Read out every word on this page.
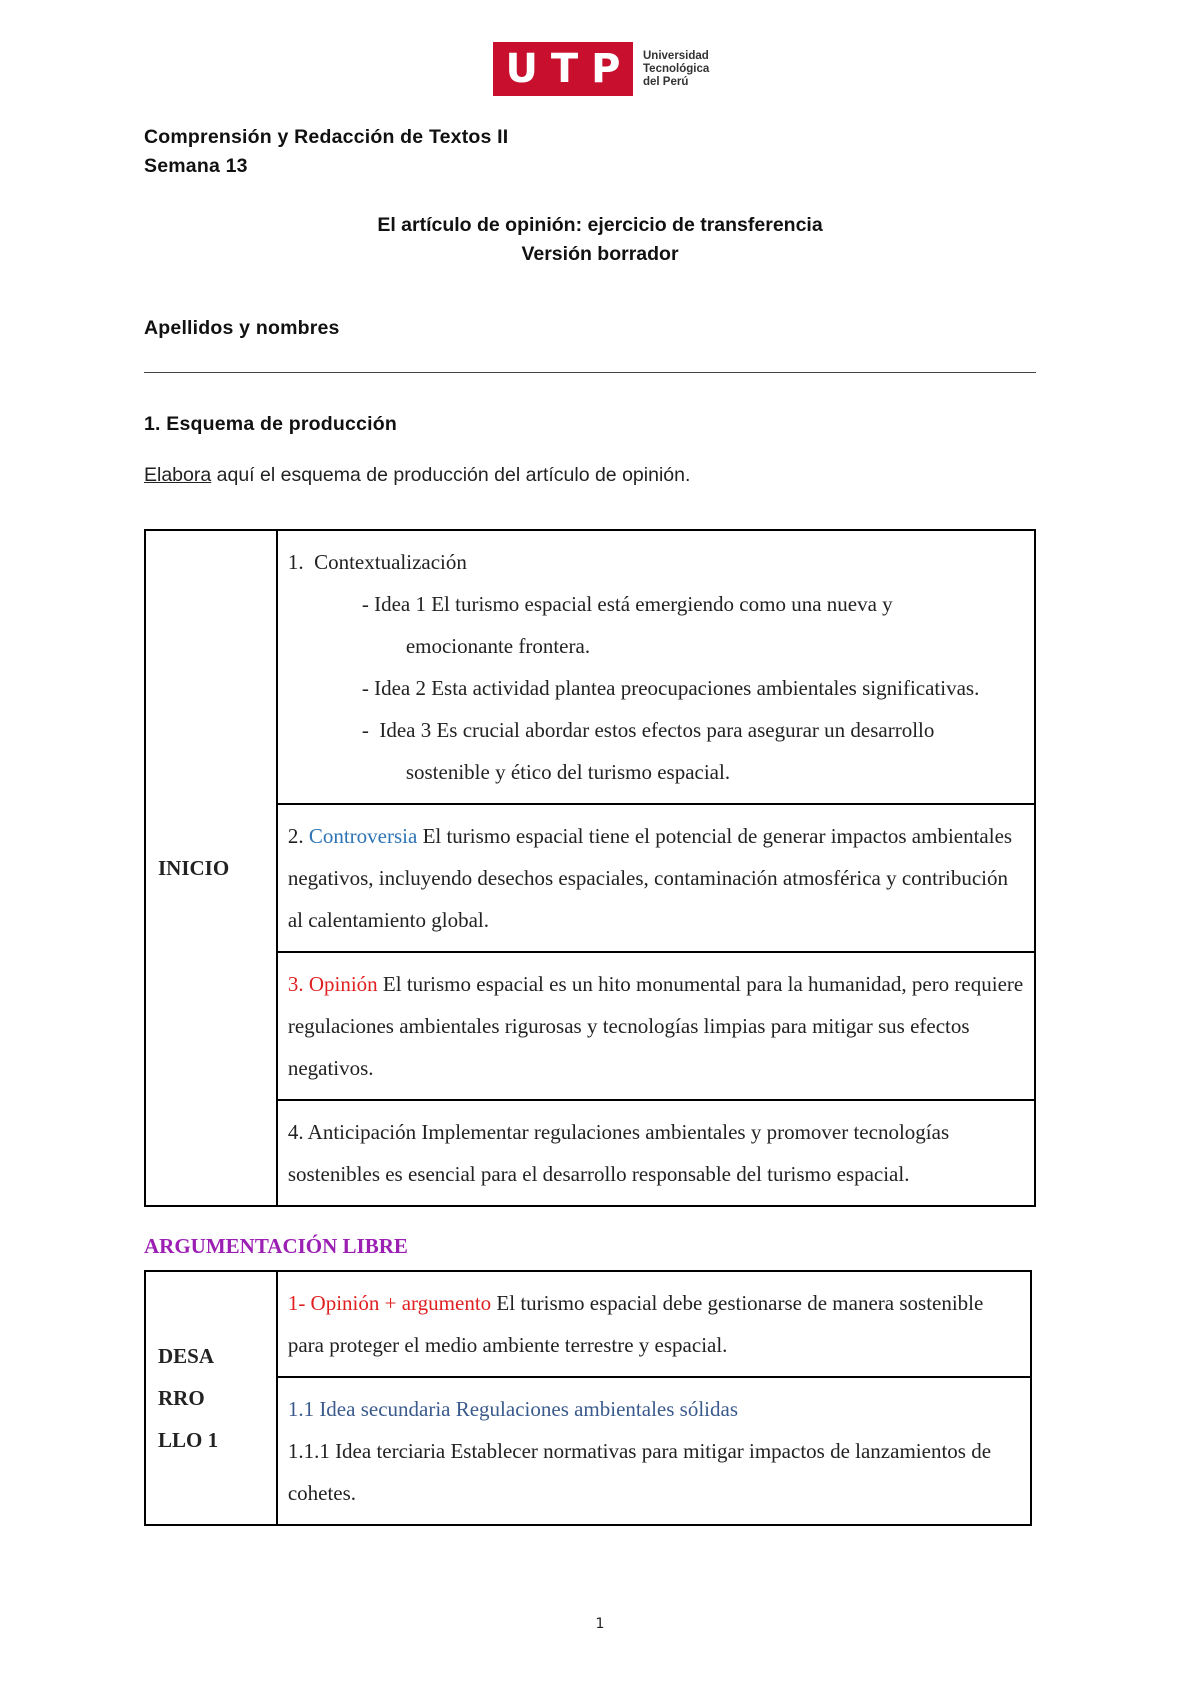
U T P Universidad
Tecnológica
del Perú
Comprensión y Redacción de Textos II
Semana 13
El artículo de opinión: ejercicio de transferencia
Versión borrador
Apellidos y nombres
1. Esquema de producción
Elabora aquí el esquema de producción del artículo de opinión.
INICIO	
1.  Contextualización
- Idea 1 El turismo espacial está emergiendo como una nueva y
emocionante frontera.
- Idea 2 Esta actividad plantea preocupaciones ambientales significativas.
-  Idea 3 Es crucial abordar estos efectos para asegurar un desarrollo
sostenible y ético del turismo espacial.

2. Controversia El turismo espacial tiene el potencial de generar impactos ambientales negativos, incluyendo desechos espaciales, contaminación atmosférica y contribución al calentamiento global.
3. Opinión El turismo espacial es un hito monumental para la humanidad, pero requiere regulaciones ambientales rigurosas y tecnologías limpias para mitigar sus efectos negativos.
4. Anticipación Implementar regulaciones ambientales y promover tecnologías sostenibles es esencial para el desarrollo responsable del turismo espacial.
ARGUMENTACIÓN LIBRE
DESA
RRO
LLO 1
	1- Opinión + argumento El turismo espacial debe gestionarse de manera sostenible para proteger el medio ambiente terrestre y espacial.

1.1 Idea secundaria Regulaciones ambientales sólidas
1.1.1 Idea terciaria Establecer normativas para mitigar impactos de lanzamientos de cohetes.
1
